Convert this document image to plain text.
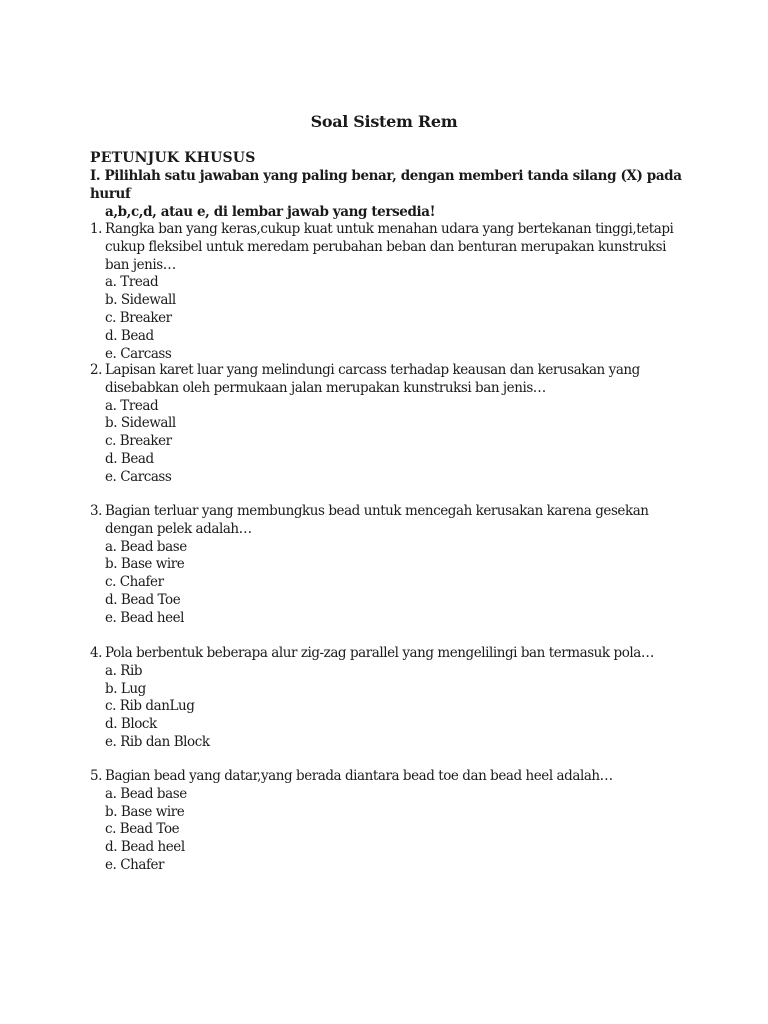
Soal Sistem Rem
PETUNJUK KHUSUS
I. Pilihlah satu jawaban yang paling benar, dengan memberi tanda silang (X) pada huruf
a,b,c,d, atau e, di lembar jawab yang tersedia!
1. Rangka ban yang keras,cukup kuat untuk menahan udara yang bertekanan tinggi,tetapi cukup fleksibel untuk meredam perubahan beban dan benturan merupakan kunstruksi ban jenis…
a. Tread
b. Sidewall
c. Breaker
d. Bead
e. Carcass
2. Lapisan karet luar yang melindungi carcass terhadap keausan dan kerusakan yang disebabkan oleh permukaan jalan merupakan kunstruksi ban jenis…
a. Tread
b. Sidewall
c. Breaker
d. Bead
e. Carcass
3. Bagian terluar yang membungkus bead untuk mencegah kerusakan karena gesekan dengan pelek adalah…
a. Bead base
b. Base wire
c. Chafer
d. Bead Toe
e. Bead heel
4. Pola berbentuk beberapa alur zig-zag parallel yang mengelilingi ban termasuk pola…
a. Rib
b. Lug
c. Rib danLug
d. Block
e. Rib dan Block
5. Bagian bead yang datar,yang berada diantara bead toe dan bead heel adalah…
a. Bead base
b. Base wire
c. Bead Toe
d. Bead heel
e. Chafer
